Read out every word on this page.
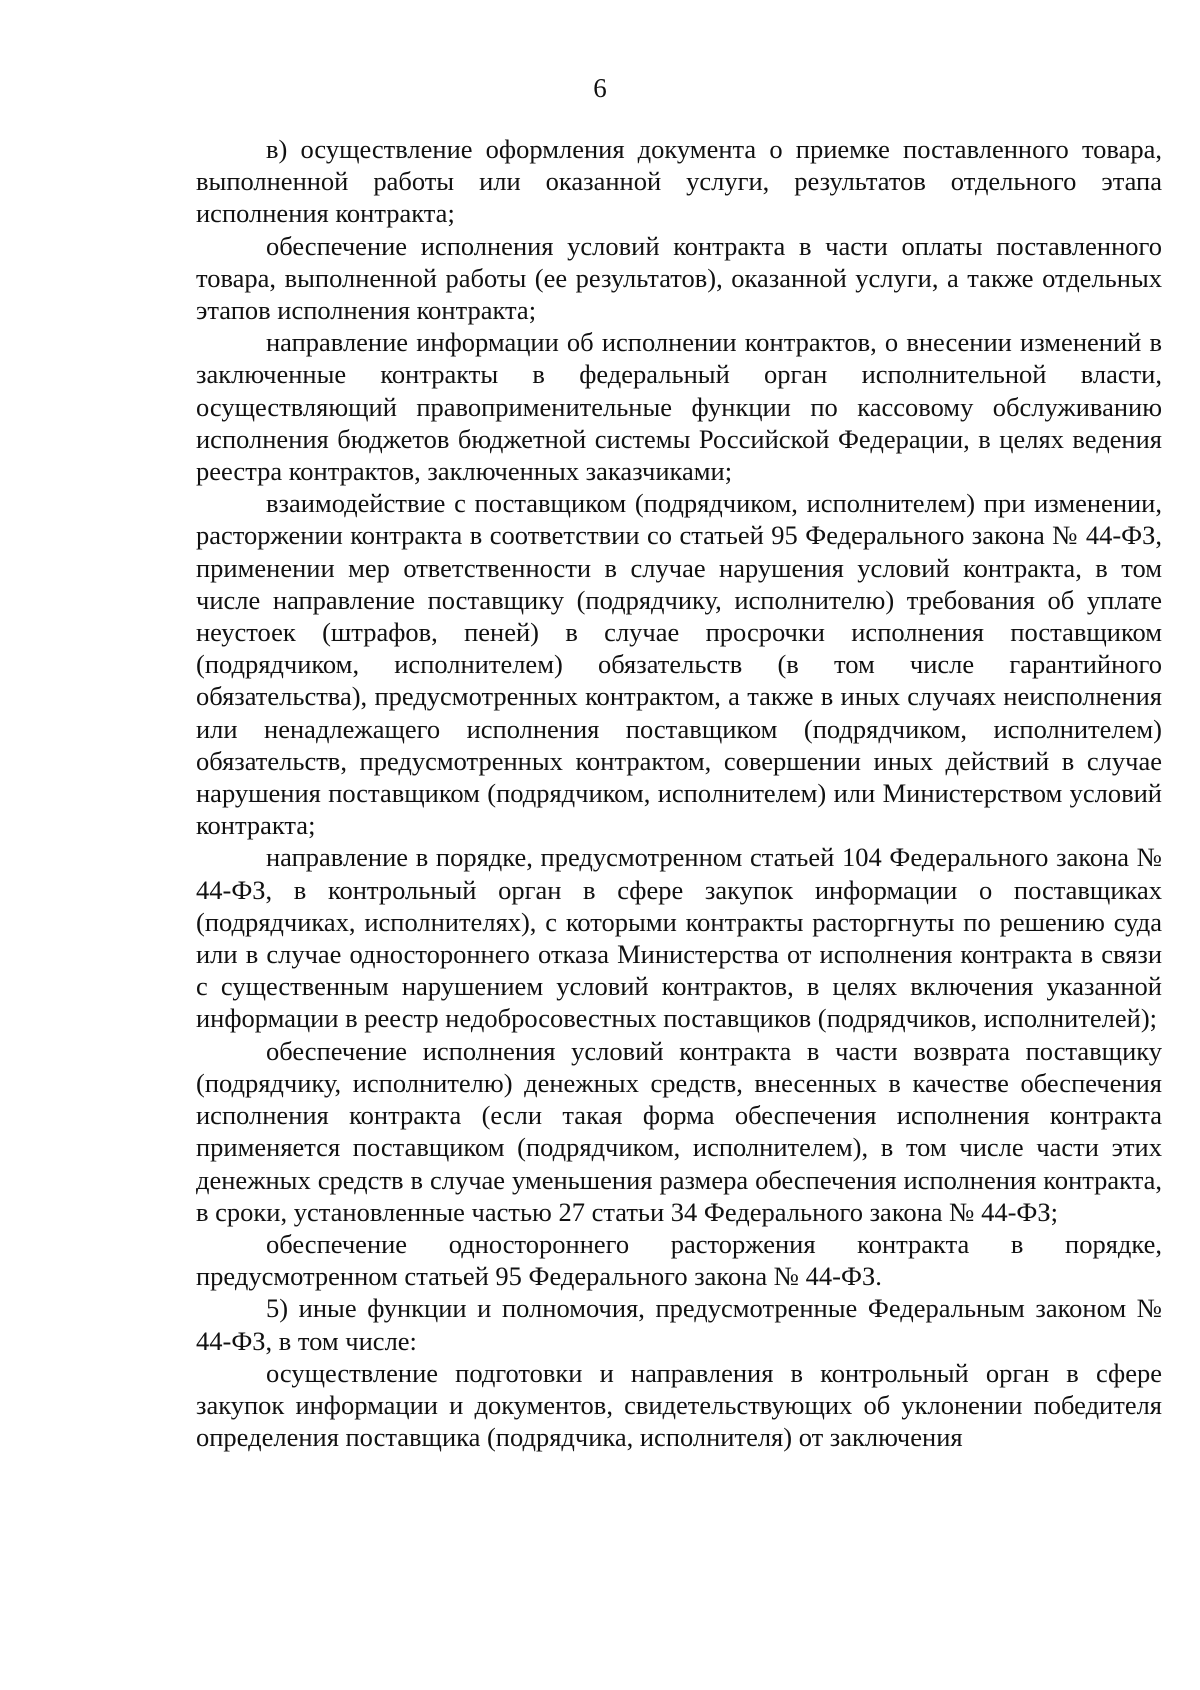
6

в) осуществление оформления документа о приемке поставленного товара, выполненной работы или оказанной услуги, результатов отдельного этапа исполнения контракта;

обеспечение исполнения условий контракта в части оплаты поставленного товара, выполненной работы (ее результатов), оказанной услуги, а также отдельных этапов исполнения контракта;

направление информации об исполнении контрактов, о внесении изменений в заключенные контракты в федеральный орган исполнительной власти, осуществляющий правоприменительные функции по кассовому обслуживанию исполнения бюджетов бюджетной системы Российской Федерации, в целях ведения реестра контрактов, заключенных заказчиками;

взаимодействие с поставщиком (подрядчиком, исполнителем) при изменении, расторжении контракта в соответствии со статьей 95 Федерального закона № 44-ФЗ, применении мер ответственности в случае нарушения условий контракта, в том числе направление поставщику (подрядчику, исполнителю) требования об уплате неустоек (штрафов, пеней) в случае просрочки исполнения поставщиком (подрядчиком, исполнителем) обязательств (в том числе гарантийного обязательства), предусмотренных контрактом, а также в иных случаях неисполнения или ненадлежащего исполнения поставщиком (подрядчиком, исполнителем) обязательств, предусмотренных контрактом, совершении иных действий в случае нарушения поставщиком (подрядчиком, исполнителем) или Министерством условий контракта;

направление в порядке, предусмотренном статьей 104 Федерального закона № 44-ФЗ, в контрольный орган в сфере закупок информации о поставщиках (подрядчиках, исполнителях), с которыми контракты расторгнуты по решению суда или в случае одностороннего отказа Министерства от исполнения контракта в связи с существенным нарушением условий контрактов, в целях включения указанной информации в реестр недобросовестных поставщиков (подрядчиков, исполнителей);

обеспечение исполнения условий контракта в части возврата поставщику (подрядчику, исполнителю) денежных средств, внесенных в качестве обеспечения исполнения контракта (если такая форма обеспечения исполнения контракта применяется поставщиком (подрядчиком, исполнителем), в том числе части этих денежных средств в случае уменьшения размера обеспечения исполнения контракта, в сроки, установленные частью 27 статьи 34 Федерального закона № 44-ФЗ;

обеспечение одностороннего расторжения контракта в порядке, предусмотренном статьей 95 Федерального закона № 44-ФЗ.

5) иные функции и полномочия, предусмотренные Федеральным законом № 44-ФЗ, в том числе:

осуществление подготовки и направления в контрольный орган в сфере закупок информации и документов, свидетельствующих об уклонении победителя определения поставщика (подрядчика, исполнителя) от заключения
